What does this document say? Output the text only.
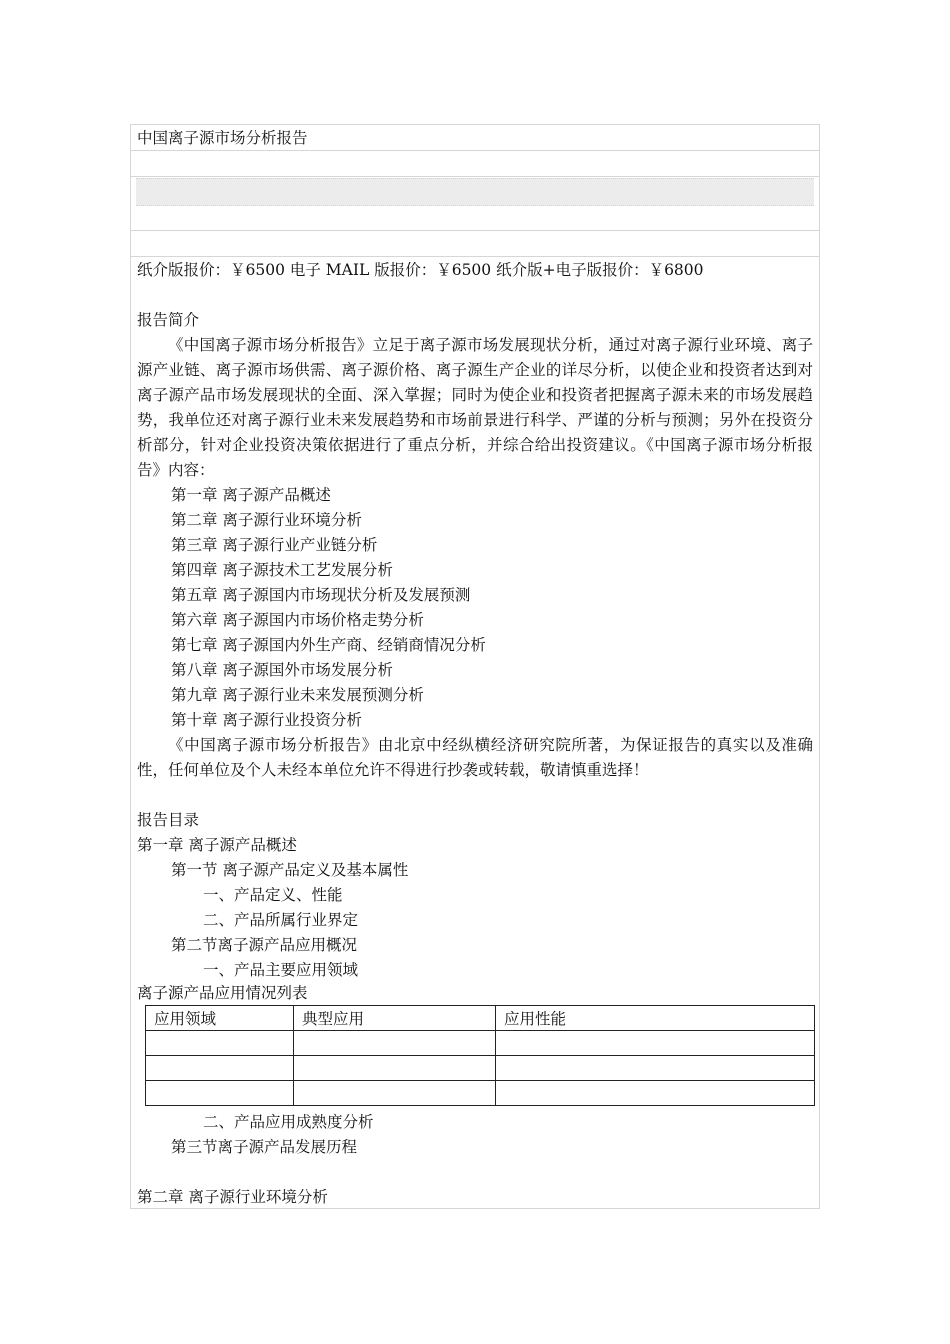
中国离子源市场分析报告
纸介版报价：￥6500 电子 MAIL 版报价：￥6500 纸介版+电子版报价：￥6800
报告简介
《中国离子源市场分析报告》立足于离子源市场发展现状分析，通过对离子源行业环境、离子源产业链、离子源市场供需、离子源价格、离子源生产企业的详尽分析，以使企业和投资者达到对离子源产品市场发展现状的全面、深入掌握；同时为使企业和投资者把握离子源未来的市场发展趋势，我单位还对离子源行业未来发展趋势和市场前景进行科学、严谨的分析与预测；另外在投资分析部分，针对企业投资决策依据进行了重点分析，并综合给出投资建议。《中国离子源市场分析报告》内容：
第一章 离子源产品概述
第二章 离子源行业环境分析
第三章 离子源行业产业链分析
第四章 离子源技术工艺发展分析
第五章 离子源国内市场现状分析及发展预测
第六章 离子源国内市场价格走势分析
第七章 离子源国内外生产商、经销商情况分析
第八章 离子源国外市场发展分析
第九章 离子源行业未来发展预测分析
第十章 离子源行业投资分析
《中国离子源市场分析报告》由北京中经纵横经济研究院所著，为保证报告的真实以及准确性，任何单位及个人未经本单位允许不得进行抄袭或转载，敬请慎重选择！
报告目录
第一章 离子源产品概述
第一节 离子源产品定义及基本属性
一、产品定义、性能
二、产品所属行业界定
第二节离子源产品应用概况
一、产品主要应用领域
离子源产品应用情况列表
应用领域	典型应用	应用性能

二、产品应用成熟度分析
第三节离子源产品发展历程
第二章 离子源行业环境分析
